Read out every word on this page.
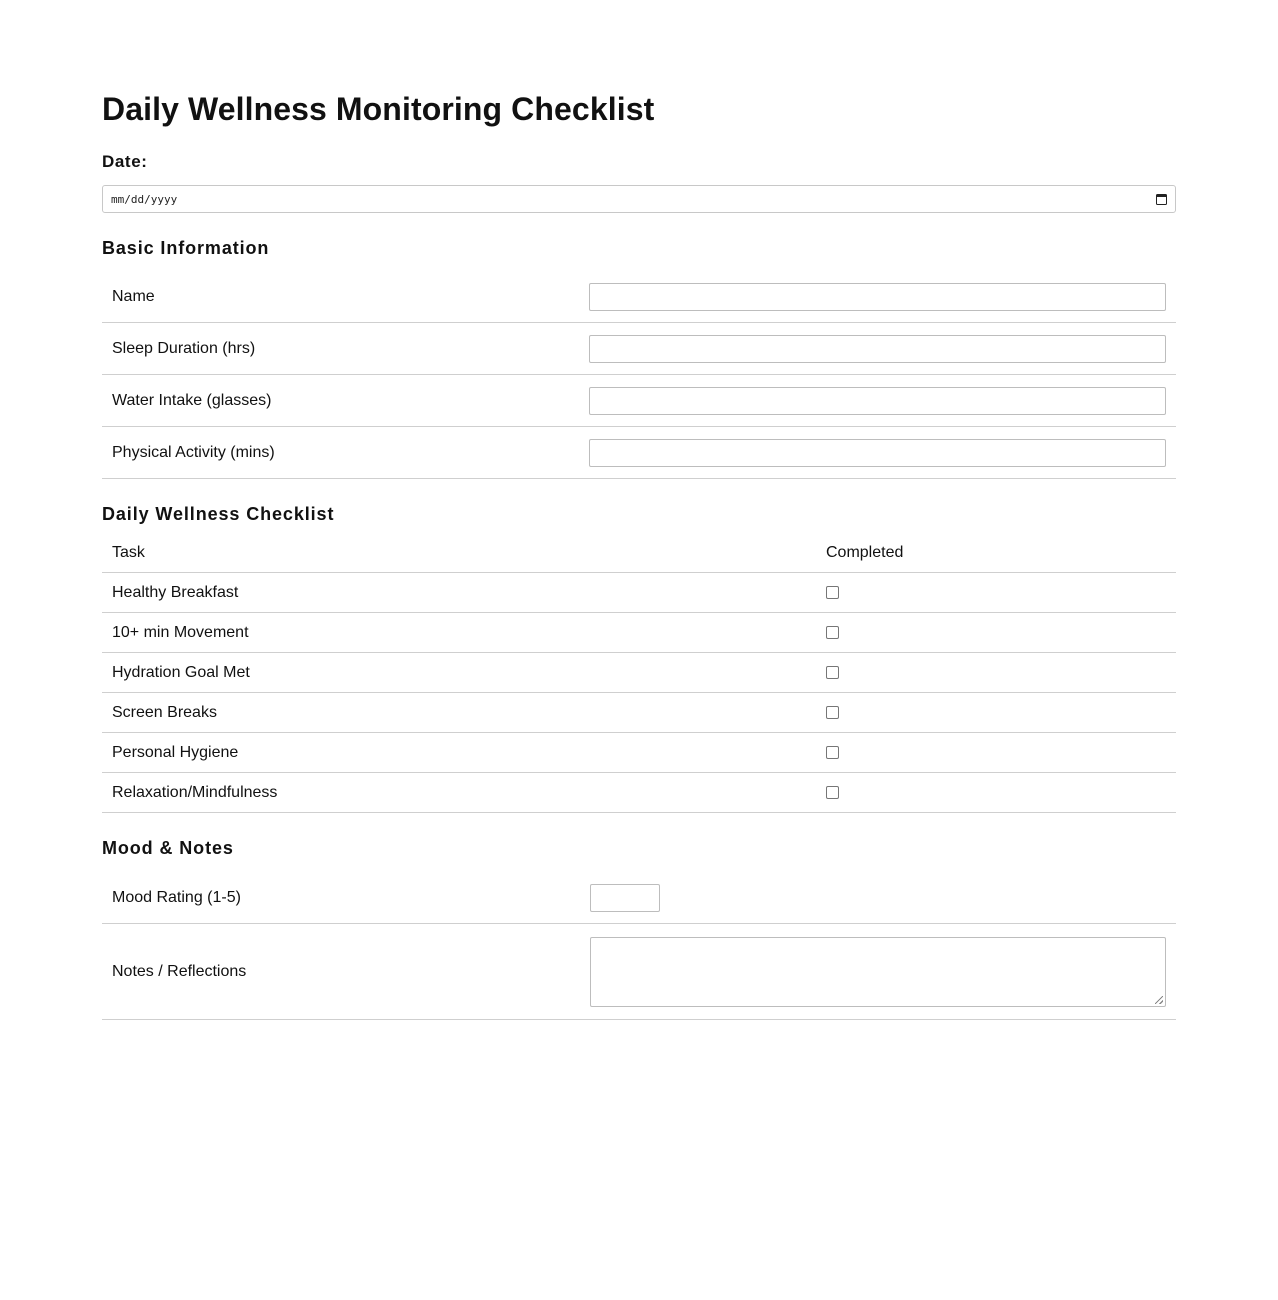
Daily Wellness Monitoring Checklist
Date:
mm/dd/yyyy
Basic Information
Name	

Sleep Duration (hrs)	

Water Intake (glasses)	

Physical Activity (mins)	
Daily Wellness Checklist
Task	Completed
Healthy Breakfast	

10+ min Movement	

Hydration Goal Met	

Screen Breaks	

Personal Hygiene	

Relaxation/Mindfulness	
Mood & Notes
Mood Rating (1-5)	

Notes / Reflections	
